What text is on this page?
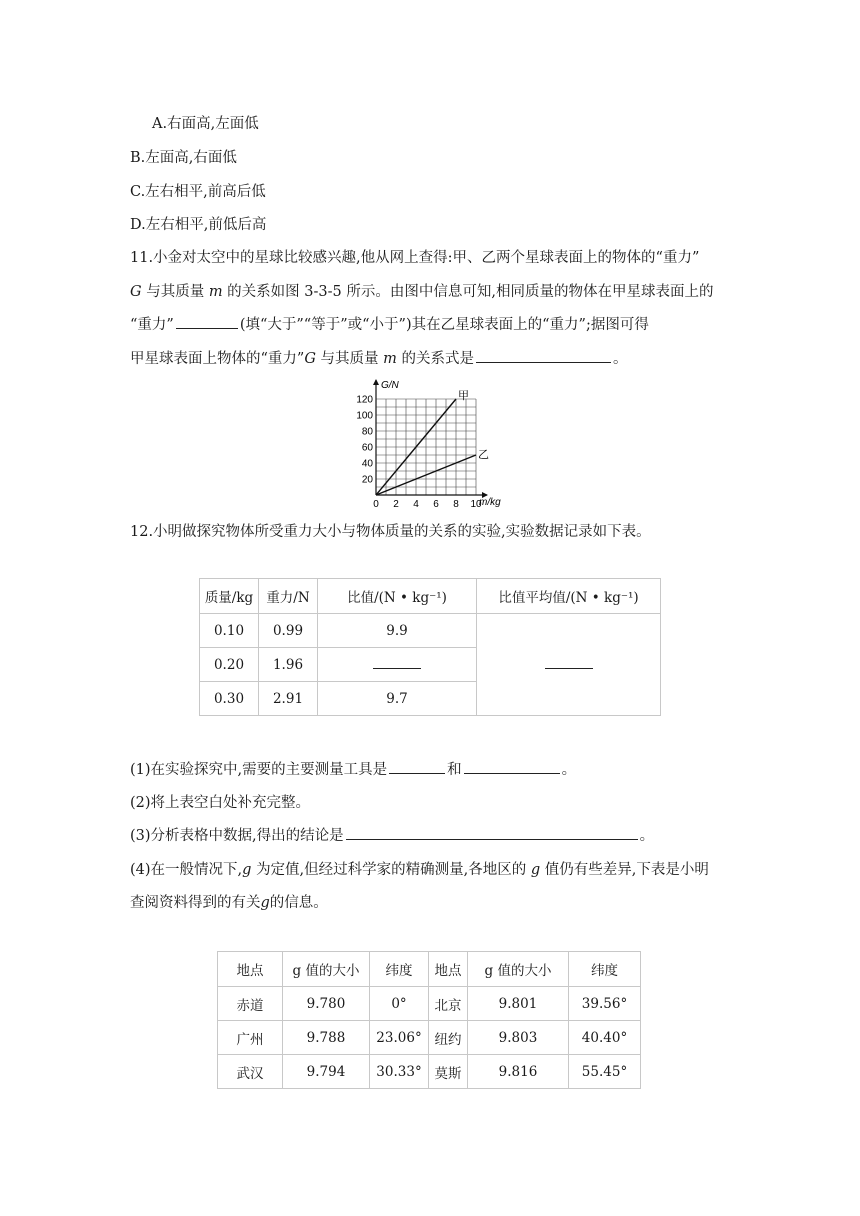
A.右面高,左面低
B.左面高,右面低
C.左右相平,前高后低
D.左右相平,前低后高
11.小金对太空中的星球比较感兴趣,他从网上查得:甲、乙两个星球表面上的物体的“重力”
G 与其质量 m 的关系如图 3-3-5 所示。由图中信息可知,相同质量的物体在甲星球表面上的
“重力”	(填“大于”“等于”或“小于”)其在乙星球表面上的“重力”;据图可得
甲星球表面上物体的“重力”G 与其质量 m 的关系式是	。
G/N
m/kg
20
40
60
80
100
120
0 2 4 6 8 10
甲
乙
12.小明做探究物体所受重力大小与物体质量的关系的实验,实验数据记录如下表。
质量/kg	重力/N	比值/(N • kg⁻¹)	比值平均值/(N • kg⁻¹)
0.10	0.99	9.9	
0.20	1.96		
0.30	2.91	9.7	
(1)在实验探究中,需要的主要测量工具是	和	。
(2)将上表空白处补充完整。
(3)分析表格中数据,得出的结论是	。
(4)在一般情况下,g 为定值,但经过科学家的精确测量,各地区的 g 值仍有些差异,下表是小明
查阅资料得到的有关g的信息。
地点	g 值的大小	纬度	地点	g 值的大小	纬度
赤道	9.780	0°	北京	9.801	39.56°
广州	9.788	23.06°	纽约	9.803	40.40°
武汉	9.794	30.33°	莫斯	9.816	55.45°
